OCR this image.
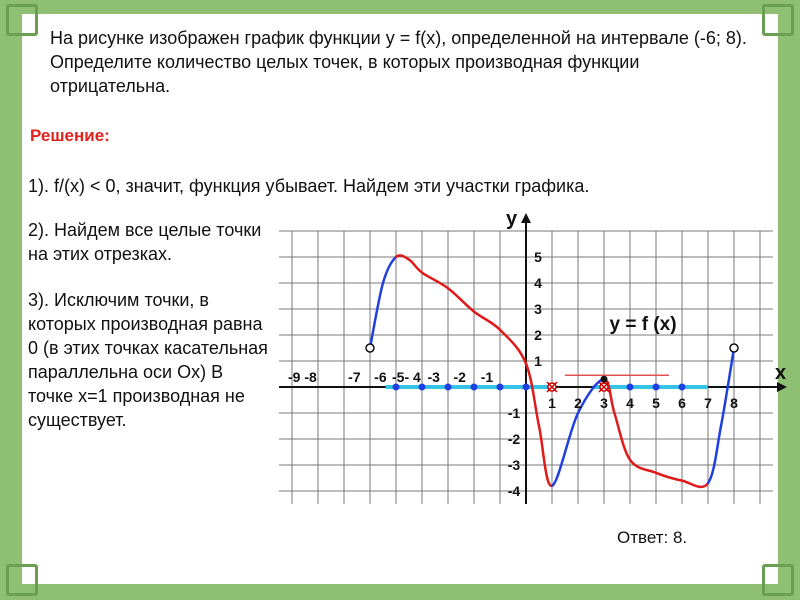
На рисунке изображен график функции y = f(x), определенной на интервале (-6; 8). Определите количество целых точек, в которых производная функции отрицательна.

Решение:

1). f/(x) < 0, значит, функция убывает. Найдем эти участки графика.

2). Найдем все целые точки на этих отрезках.

3). Исключим точки, в которых производная равна 0 (в этих точках касательная параллельна оси Ox) В точке x=1 производная не существует.

Ответ: 8.

-9 -8 -7 -6 -5- 4 -3 -2 -1
1 2 3 4 5 6 7 8
5
4
3
2
1
-1
-2
-3
-4
x
y
y = f (x)
